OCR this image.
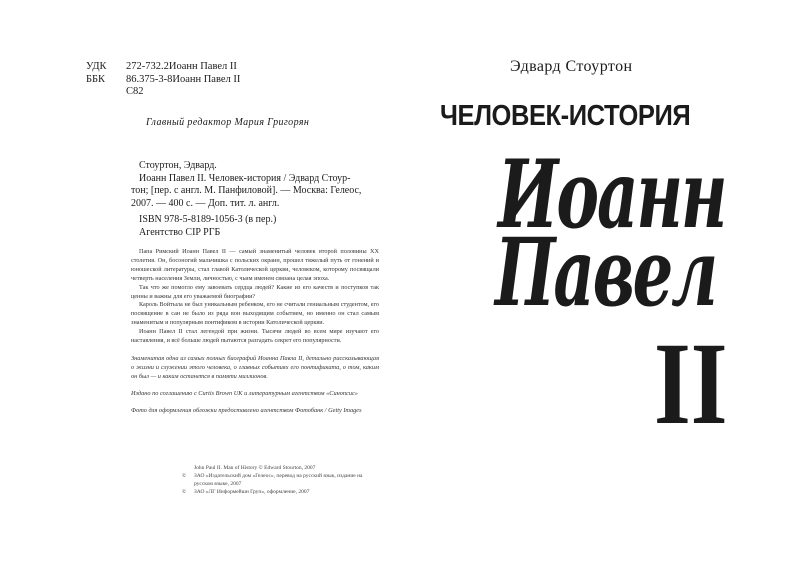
УДК	272-732.2Иоанн Павел II
ББК	86.375-3-8Иоанн Павел II
С82
Главный редактор Мария Григорян
Стоуртон, Эдвард.
Иоанн Павел II. Человек-история / Эдвард Стоур-
тон; [пер. с англ. М. Панфиловой]. — Москва: Гелеос,
2007. — 400 с. — Доп. тит. л. англ.
ISBN 978-5-8189-1056-3 (в пер.)
Агентство CIP РГБ

Папа Римский Иоанн Павел II — самый знаменитый человек второй половины XX столетия. Он, босоногий мальчишка с польских окраин, прошел тяжелый путь от гонений и юношеской литературы, стал главой Католической церкви, человеком, которому посвящали четверть населения Земли, личностью, с чьим именем связана целая эпоха.

Так что же помогло ему завоевать сердца людей? Какие из его качеств и поступков так ценны и важны для его уважаемой биографии?

Кароль Войтыла не был уникальным ребенком, его не считали гениальным студентом, его посвящение в сан не было из ряда вон выходящим событием, но именно он стал самым знаменитым и популярным понтификом в истории Католической церкви.

Иоанн Павел II стал легендой при жизни. Тысячи людей во всем мире изучают его наставления, и всё больше людей пытаются разгадать секрет его популярности.

Знаменитая одна из самых полных биографий Иоанна Павла II, детально рассказывающая о жизни и служении этого человека, о главных событиях его понтификата, о том, каким он был — и каким останется в памяти миллионов.

Издано по соглашению с Curtis Brown UK и литературным агентством «Синопсис»

Фото для оформления обложки предоставлено агентством Фотобанк / Getty Images

John Paul II. Man of History © Edward Stourton, 2007
©	ЗАО «Издательский дом «Гелеос», перевод на русский язык, издание на русском языке, 2007
©	ЗАО «ЛГ Информейшн Груп», оформление, 2007
Эдвард Стоуртон
ЧЕЛОВЕК-ИСТОРИЯ
Иоанн
Павел
II
